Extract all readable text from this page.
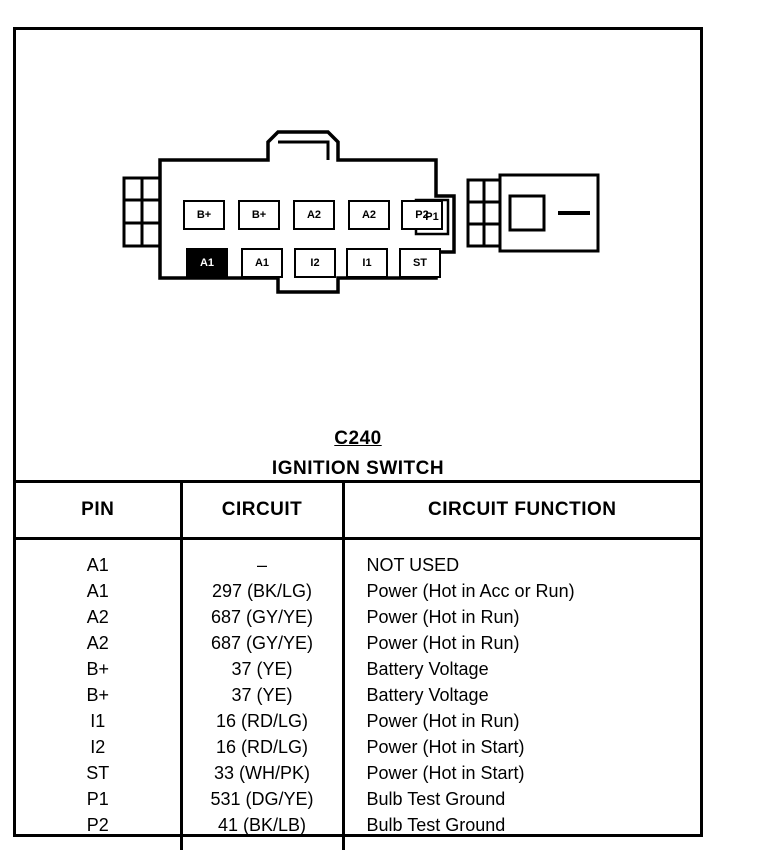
B+	B+	A2	A2	P2
A1	A1	I2	I1	ST
P1
C240
IGNITION SWITCH
PIN	CIRCUIT	CIRCUIT FUNCTION
A1	–	NOT USED
A1	297 (BK/LG)	Power (Hot in Acc or Run)
A2	687 (GY/YE)	Power (Hot in Run)
A2	687 (GY/YE)	Power (Hot in Run)
B+	37 (YE)	Battery Voltage
B+	37 (YE)	Battery Voltage
I1	16 (RD/LG)	Power (Hot in Run)
I2	16 (RD/LG)	Power (Hot in Start)
ST	33 (WH/PK)	Power (Hot in Start)
P1	531 (DG/YE)	Bulb Test Ground
P2	41 (BK/LB)	Bulb Test Ground
